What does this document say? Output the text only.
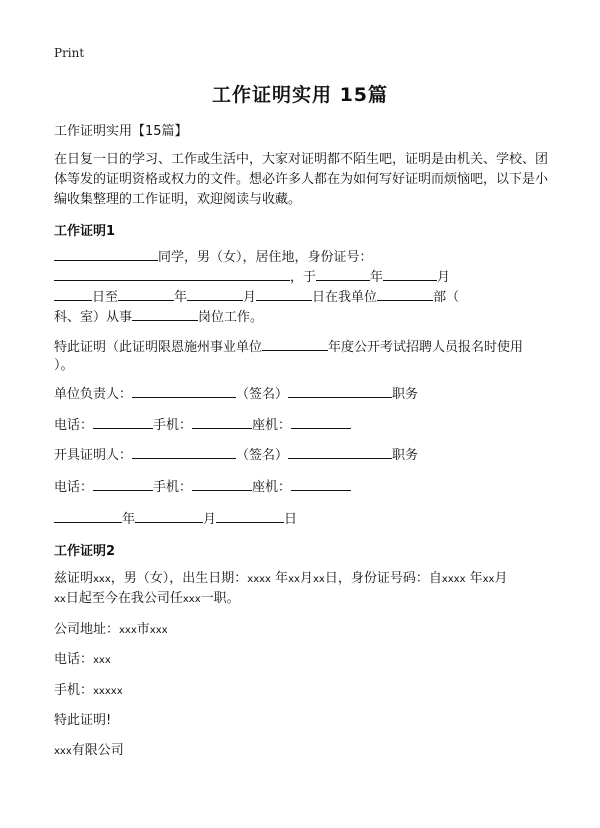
Print
工作证明实用 15篇
工作证明实用【15篇】
在日复一日的学习、工作或生活中，大家对证明都不陌生吧，证明是由机关、学校、团体等发的证明资格或权力的文件。想必许多人都在为如何写好证明而烦恼吧，以下是小编收集整理的工作证明，欢迎阅读与收藏。
工作证明1
同学，男（女），居住地，身份证号：
，于	年	月
日至	年	月	日在我单位	部（
科、室）从事	岗位工作。
特此证明（此证明限恩施州事业单位	年度公开考试招聘人员报名时使用
）。
单位负责人：	（签名）	职务
电话：	手机：	座机：
开具证明人：	（签名）	职务
电话：	手机：	座机：
年	月	日
工作证明2
兹证明xxx，男（女），出生日期：xxxx 年xx月xx日，身份证号码：自xxxx 年xx月
xx日起至今在我公司任xxx一职。
公司地址：xxx市xxx
电话：xxx
手机：xxxxx
特此证明!
xxx有限公司
